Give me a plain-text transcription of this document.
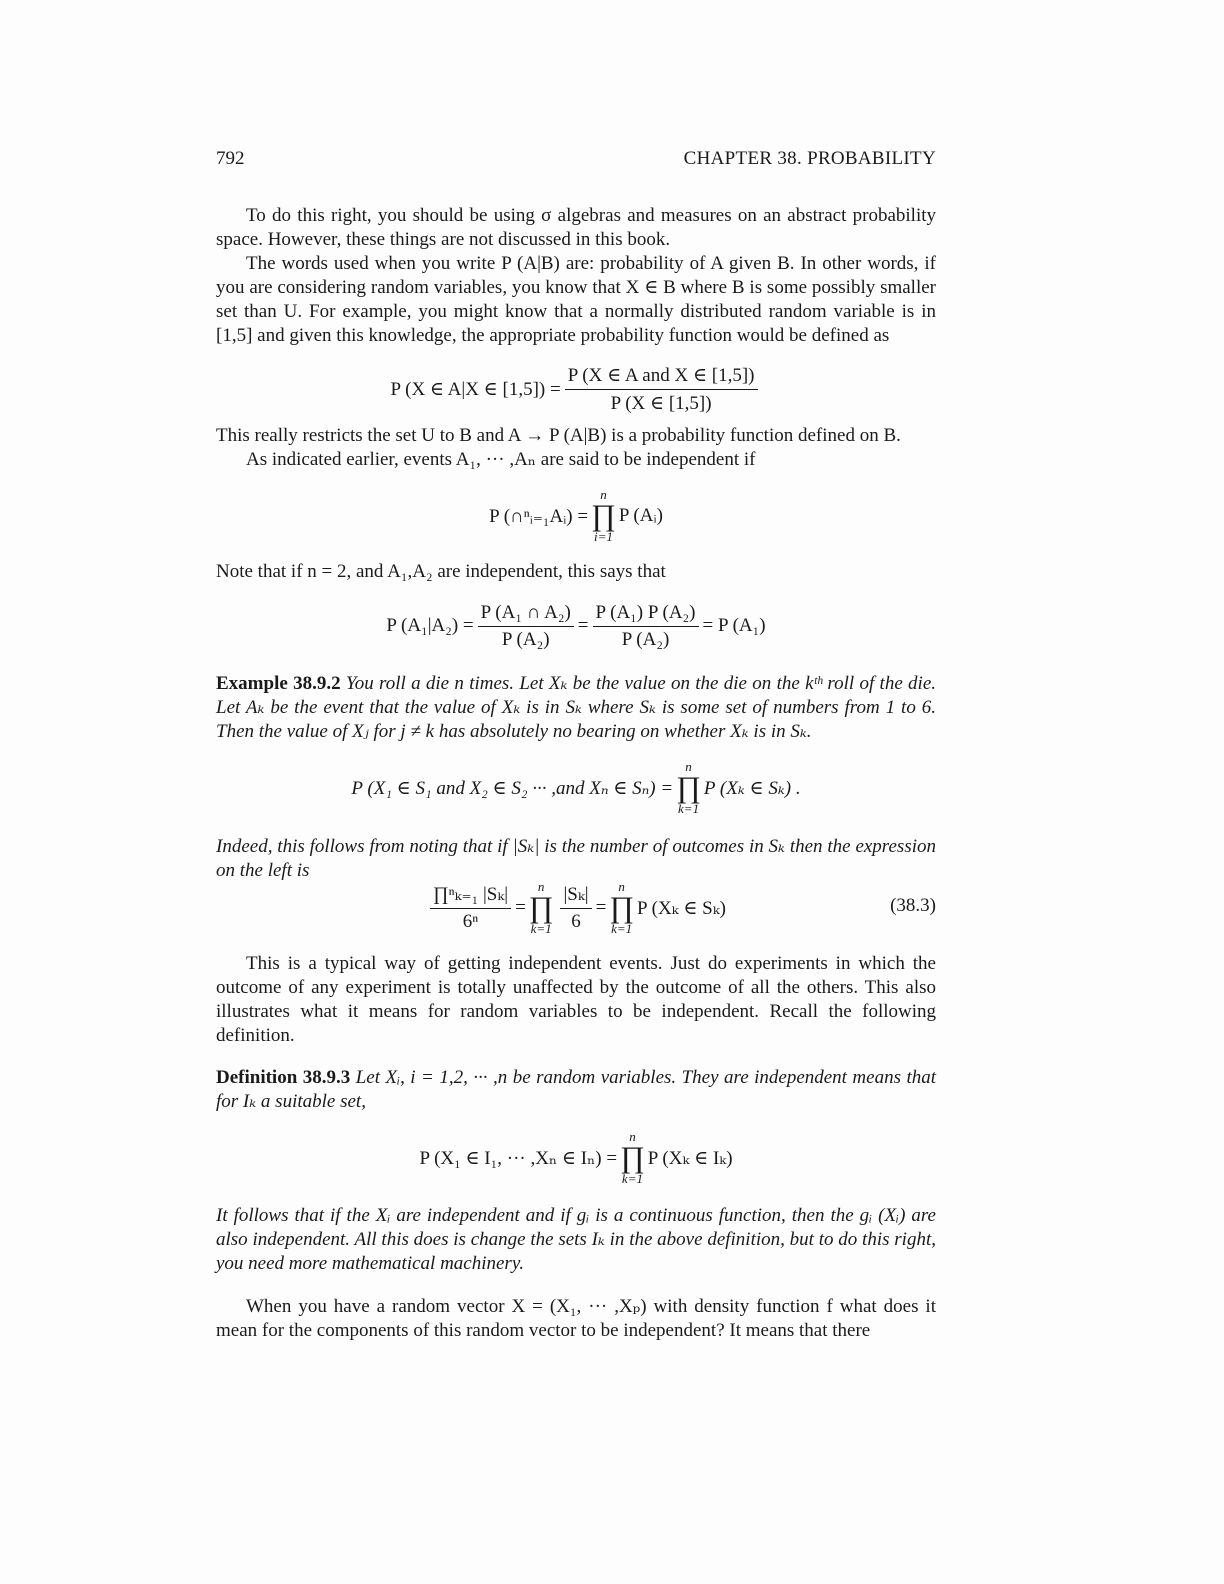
792	CHAPTER 38. PROBABILITY
To do this right, you should be using σ algebras and measures on an abstract probability space. However, these things are not discussed in this book.
The words used when you write P (A|B) are: probability of A given B. In other words, if you are considering random variables, you know that X ∈ B where B is some possibly smaller set than U. For example, you might know that a normally distributed random variable is in [1,5] and given this knowledge, the appropriate probability function would be defined as
P (X ∈ A|X ∈ $[1,5]) = \frac{\text{P (X ∈ A and X ∈ [1,5])}}{P (X \in [1,5])}$
This really restricts the set U to B and A → P (A|B) is a probability function defined on B.
As indicated earlier, events A₁, ··· ,Aₙ are said to be independent if
P (∩ⁿᵢ₌₁Aᵢ) =
n
∏
i=1
P (Aᵢ)
Note that if n = 2, and A₁,A₂ are independent, this says that
P $(A_1|A_2) = \frac{\text{P (A₁ ∩ A₂)}}{\text{P (A₂)}} = \frac{\text{P (A₁) P (A₂)}}{\text{P (A₂)}} = P$ (A₁)
Example 38.9.2 You roll a die n times. Let Xₖ be the value on the die on the kᵗʰ roll of the die. Let Aₖ be the event that the value of Xₖ is in Sₖ where Sₖ is some set of numbers from 1 to 6. Then the value of Xⱼ for j ≠ k has absolutely no bearing on whether Xₖ is in Sₖ.
P (X₁ ∈ S₁ and X₂ ∈ S₂ ··· ,and Xₙ ∈ Sₙ) =
n
∏
k=1
P (Xₖ ∈ Sₖ) .
Indeed, this follows from noting that if |Sₖ| is the number of outcomes in Sₖ then the expression on the left is
$\frac{\text{∏ⁿₖ₌₁ |Sₖ|}}{\text{6ⁿ}}$ =
n
∏
$k=1 \frac{\text{|Sₖ|}}{6}$ =
n
∏
k=1
P (Xₖ ∈ Sₖ)	(38.3)
This is a typical way of getting independent events. Just do experiments in which the outcome of any experiment is totally unaffected by the outcome of all the others. This also illustrates what it means for random variables to be independent. Recall the following definition.
Definition 38.9.3 Let Xᵢ, i = 1,2, ··· ,n be random variables. They are independent means that for Iₖ a suitable set,
P (X₁ ∈ I₁, ··· ,Xₙ ∈ Iₙ) =
n
∏
k=1
P (Xₖ ∈ Iₖ)
It follows that if the Xᵢ are independent and if gᵢ is a continuous function, then the gᵢ (Xᵢ) are also independent. All this does is change the sets Iₖ in the above definition, but to do this right, you need more mathematical machinery.
When you have a random vector X = (X₁, ··· ,Xₚ) with density function f what does it mean for the components of this random vector to be independent? It means that there
